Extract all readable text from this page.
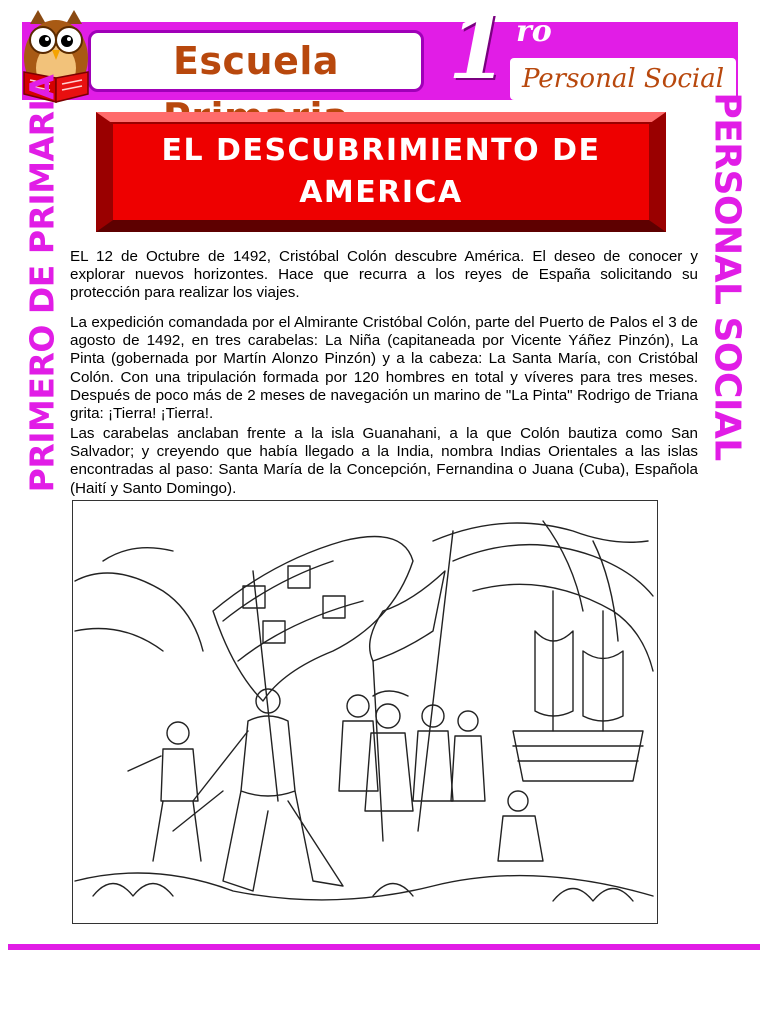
Escuela	1 ro
Personal Social
EL DESCUBRIMIENTO DE
AMERICA
PRIMERO DE PRIMARIA	PERSONAL SOCIAL

EL 12 de Octubre de 1492, Cristóbal Colón descubre América. El deseo de conocer y explorar nuevos horizontes. Hace que recurra a los reyes de España solicitando su protección para realizar los viajes.

La expedición comandada por el Almirante Cristóbal Colón, parte del Puerto de Palos el 3 de agosto de 1492, en tres carabelas: La Niña (capitaneada por Vicente Yáñez Pinzón), La Pinta (gobernada por Martín Alonzo Pinzón) y a la cabeza: La Santa María, con Cristóbal Colón. Con una tripulación formada por 120 hombres en total y víveres para tres meses. Después de poco más de 2 meses de navegación un marino de "La Pinta" Rodrigo de Triana grita: ¡Tierra! ¡Tierra!.

Las carabelas anclaban frente a la isla Guanahani, a la que Colón bautiza como San Salvador; y creyendo que había llegado a la India, nombra Indias Orientales a las islas encontradas al paso: Santa María de la Concepción, Fernandina o Juana (Cuba), Española (Haití y Santo Domingo).
